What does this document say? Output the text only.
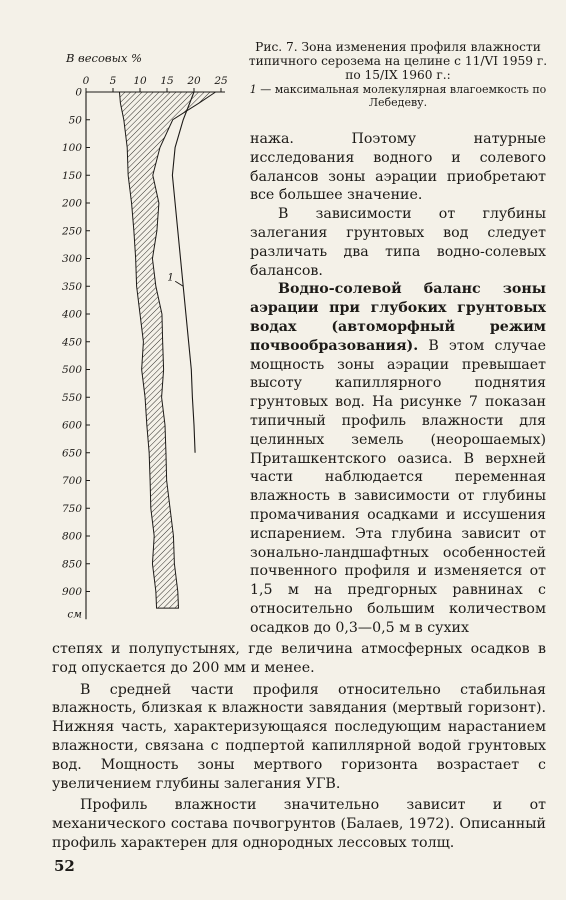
В весовых %
0 5 10 15 20 25
0
50
100
150
200
250
300
350
400
450
500
550
600
650
700
750
800
850
900
1
см
Рис. 7. Зона изменения профиля влажности типичного серозема на целине с 11/VI 1959 г. по 15/IX 1960 г.:
1 — максимальная молекулярная влагоемкость по Лебедеву.

нажа. Поэтому натурные исследования водного и солевого балансов зоны аэрации приобретают все большее значение.

В зависимости от глубины залегания грунтовых вод следует различать два типа водно-солевых балансов.

Водно-солевой баланс зоны аэрации при глубоких грунтовых водах (автоморфный режим почвообразования). В этом случае мощность зоны аэрации превышает высоту капиллярного поднятия грунтовых вод. На рисунке 7 показан типичный профиль влажности для целинных земель (неорошаемых) Приташкентского оазиса. В верхней части наблюдается переменная влажность в зависимости от глубины промачивания осадками и иссушения испарением. Эта глубина зависит от зонально-ландшафтных особенностей почвенного профиля и изменяется от 1,5 м на предгорных равнинах с относительно большим количеством осадков до 0,3—0,5 м в сухих

степях и полупустынях, где величина атмосферных осадков в год опускается до 200 мм и менее.

В средней части профиля относительно стабильная влажность, близкая к влажности завядания (мертвый горизонт). Нижняя часть, характеризующаяся последующим нарастанием влажности, связана с подпертой капиллярной водой грунтовых вод. Мощность зоны мертвого горизонта возрастает с увеличением глубины залегания УГВ.

Профиль влажности значительно зависит и от механического состава почвогрунтов (Балаев, 1972). Описанный профиль характерен для однородных лессовых толщ.

52
